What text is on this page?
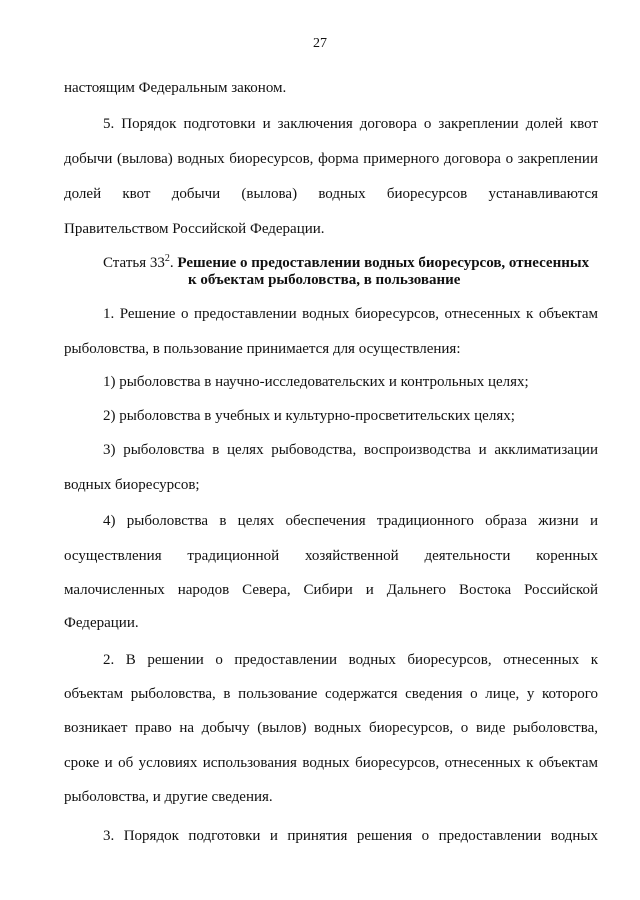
27
настоящим Федеральным законом.
5. Порядок подготовки и заключения договора о закреплении долей квот
добычи (вылова) водных биоресурсов, форма примерного договора о закреплении
долей квот добычи (вылова) водных биоресурсов устанавливаются
Правительством Российской Федерации.
Статья $33^2$. Решение о предоставлении водных биоресурсов, отнесенных
к объектам рыболовства, в пользование
1. Решение о предоставлении водных биоресурсов, отнесенных к объектам
рыболовства, в пользование принимается для осуществления:
1) рыболовства в научно-исследовательских и контрольных целях;
2) рыболовства в учебных и культурно-просветительских целях;
3) рыболовства в целях рыбоводства, воспроизводства и акклиматизации
водных биоресурсов;
4) рыболовства в целях обеспечения традиционного образа жизни и
осуществления традиционной хозяйственной деятельности коренных
малочисленных народов Севера, Сибири и Дальнего Востока Российской
Федерации.
2. В решении о предоставлении водных биоресурсов, отнесенных к
объектам рыболовства, в пользование содержатся сведения о лице, у которого
возникает право на добычу (вылов) водных биоресурсов, о виде рыболовства,
сроке и об условиях использования водных биоресурсов, отнесенных к объектам
рыболовства, и другие сведения.
3. Порядок подготовки и принятия решения о предоставлении водных
